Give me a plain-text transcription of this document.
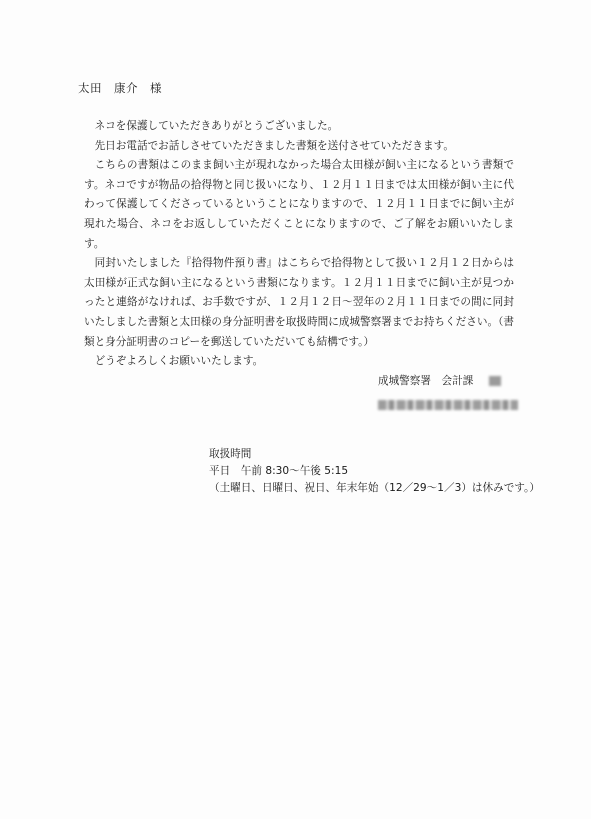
太田　康介　様

ネコを保護していただきありがとうございました。

先日お電話でお話しさせていただきました書類を送付させていただきます。

こちらの書類はこのまま飼い主が現れなかった場合太田様が飼い主になるという書類です。ネコですが物品の拾得物と同じ扱いになり、１２月１１日までは太田様が飼い主に代わって保護してくださっているということになりますので、１２月１１日までに飼い主が現れた場合、ネコをお返ししていただくことになりますので、ご了解をお願いいたします。

同封いたしました『拾得物件預り書』はこちらで拾得物として扱い１２月１２日からは太田様が正式な飼い主になるという書類になります。１２月１１日までに飼い主が見つかったと連絡がなければ、お手数ですが、１２月１２日～翌年の２月１１日までの間に同封いたしました書類と太田様の身分証明書を取扱時間に成城警察署までお持ちください。（書類と身分証明書のコピーを郵送していただいても結構です。）

どうぞよろしくお願いいたします。

成城警察署　会計課
取扱時間
平日　午前 8:30～午後 5:15
（土曜日、日曜日、祝日、年末年始（12／29～1／3）は休みです。）
